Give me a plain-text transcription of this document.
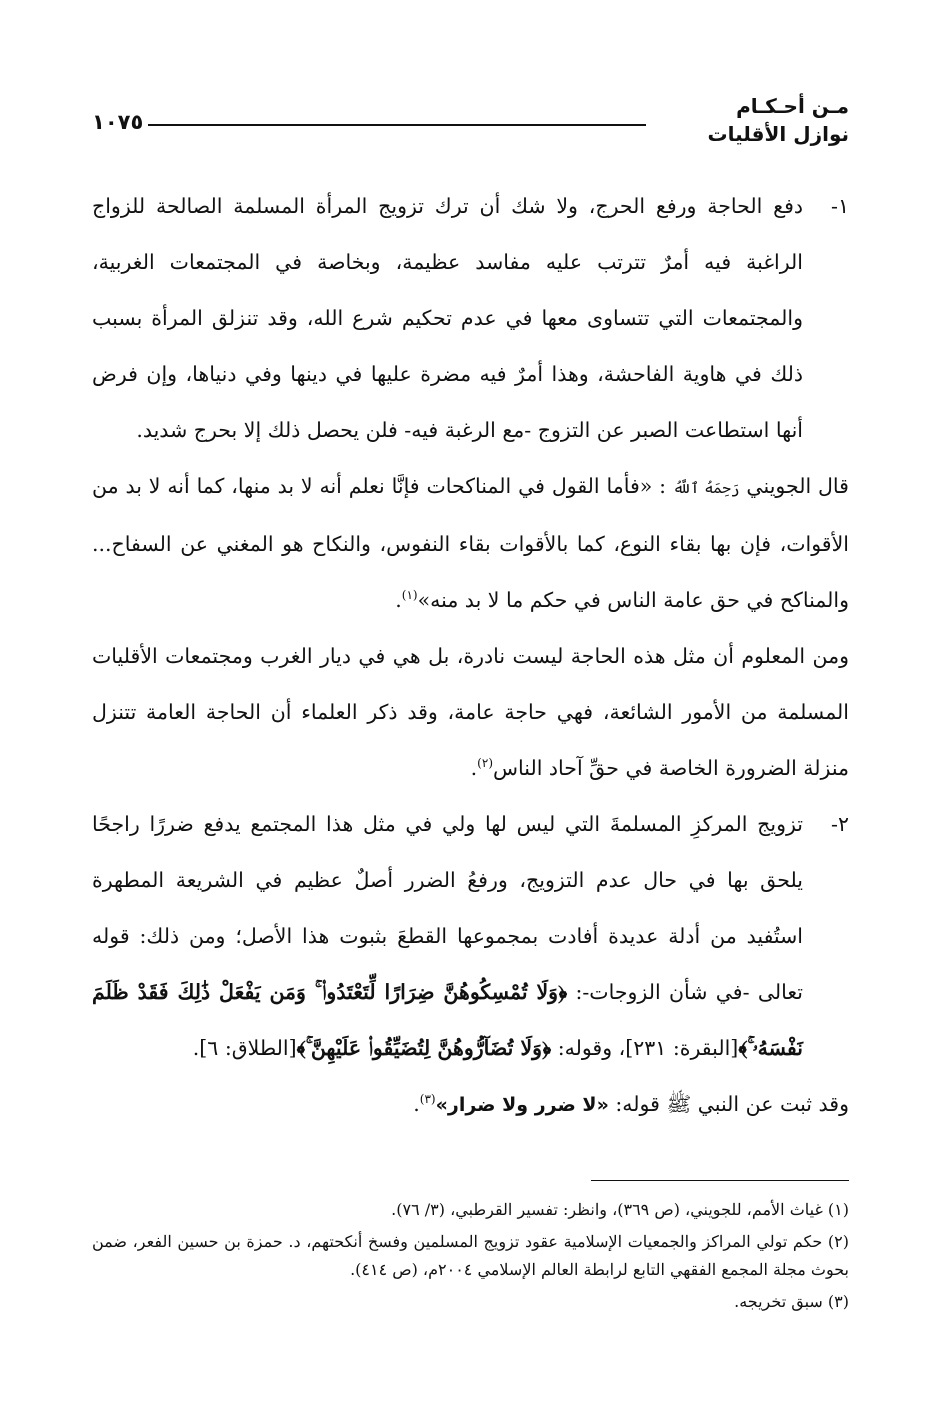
مـن أحـكـام
نوازل الأقليات
١٠٧٥
١-
دفع الحاجة ورفع الحرج، ولا شك أن ترك تزويج المرأة المسلمة الصالحة للزواج الراغبة فيه أمرٌ تترتب عليه مفاسد عظيمة، وبخاصة في المجتمعات الغربية، والمجتمعات التي تتساوى معها في عدم تحكيم شرع الله، وقد تنزلق المرأة بسبب ذلك في هاوية الفاحشة، وهذا أمرٌ فيه مضرة عليها في دينها وفي دنياها، وإن فرض أنها استطاعت الصبر عن التزوج -مع الرغبة فيه- فلن يحصل ذلك إلا بحرج شديد.

قال الجويني رَحِمَهُ ٱللَّهُ : «فأما القول في المناكحات فإنَّا نعلم أنه لا بد منها، كما أنه لا بد من الأقوات، فإن بها بقاء النوع، كما بالأقوات بقاء النفوس، والنكاح هو المغني عن السفاح... والمناكح في حق عامة الناس في حكم ما لا بد منه»$^{(١)}$.

ومن المعلوم أن مثل هذه الحاجة ليست نادرة، بل هي في ديار الغرب ومجتمعات الأقليات المسلمة من الأمور الشائعة، فهي حاجة عامة، وقد ذكر العلماء أن الحاجة العامة تتنزل منزلة الضرورة الخاصة في حقِّ آحاد الناس$^{(٢)}$.

٢-
تزويج المركزِ المسلمةَ التي ليس لها ولي في مثل هذا المجتمع يدفع ضررًا راجحًا يلحق بها في حال عدم التزويج، ورفعُ الضرر أصلٌ عظيم في الشريعة المطهرة استُفيد من أدلة عديدة أفادت بمجموعها القطعَ بثبوت هذا الأصل؛ ومن ذلك: قوله تعالى -في شأن الزوجات-: ﴿وَلَا تُمْسِكُوهُنَّ ضِرَارًا لِّتَعْتَدُوا۟ ۚ وَمَن يَفْعَلْ ذَٰلِكَ فَقَدْ ظَلَمَ نَفْسَهُۥ ۚ﴾[البقرة: ٢٣١]، وقوله: ﴿وَلَا تُضَآرُّوهُنَّ لِتُضَيِّقُوا۟ عَلَيْهِنَّ ۚ﴾[الطلاق: ٦].

وقد ثبت عن النبي ﷺ قوله: «لا ضرر ولا ضرار»$^{(٣)}$.

(١) غياث الأمم، للجويني، (ص ٣٦٩)، وانظر: تفسير القرطبي، (٣/ ٧٦).

(٢) حكم تولي المراكز والجمعيات الإسلامية عقود تزويج المسلمين وفسخ أنكحتهم، د. حمزة بن حسين الفعر، ضمن بحوث مجلة المجمع الفقهي التابع لرابطة العالم الإسلامي ٢٠٠٤م، (ص ٤١٤).

(٣) سبق تخريجه.
